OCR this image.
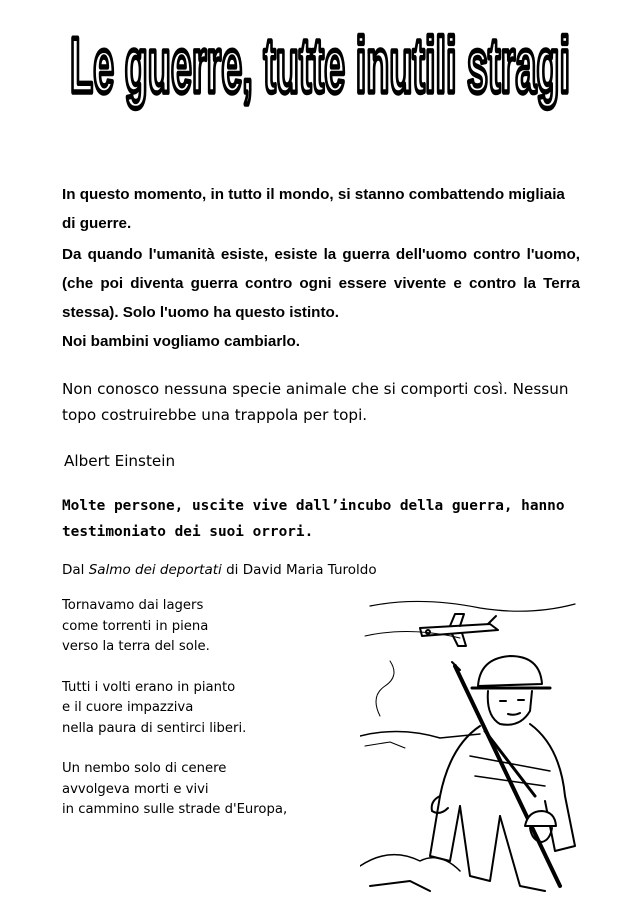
Le guerre, tutte inutili stragi

In questo momento, in tutto il mondo, si stanno combattendo migliaia di guerre.

Da quando l'umanità esiste, esiste la guerra dell'uomo contro l'uomo, (che poi diventa guerra contro ogni essere vivente e contro la Terra stessa). Solo l'uomo ha questo istinto.

Noi bambini vogliamo cambiarlo.

Non conosco nessuna specie animale che si comporti così. Nessun topo costruirebbe una trappola per topi.
Albert Einstein
Molte persone, uscite vive dall’incubo della guerra, hanno testimoniato dei suoi orrori.
Dal Salmo dei deportati di David Maria Turoldo
Tornavamo dai lagers
come torrenti in piena
verso la terra del sole.
Tutti i volti erano in pianto
e il cuore impazziva
nella paura di sentirci liberi.
Un nembo solo di cenere
avvolgeva morti e vivi
in cammino sulle strade d'Europa,
